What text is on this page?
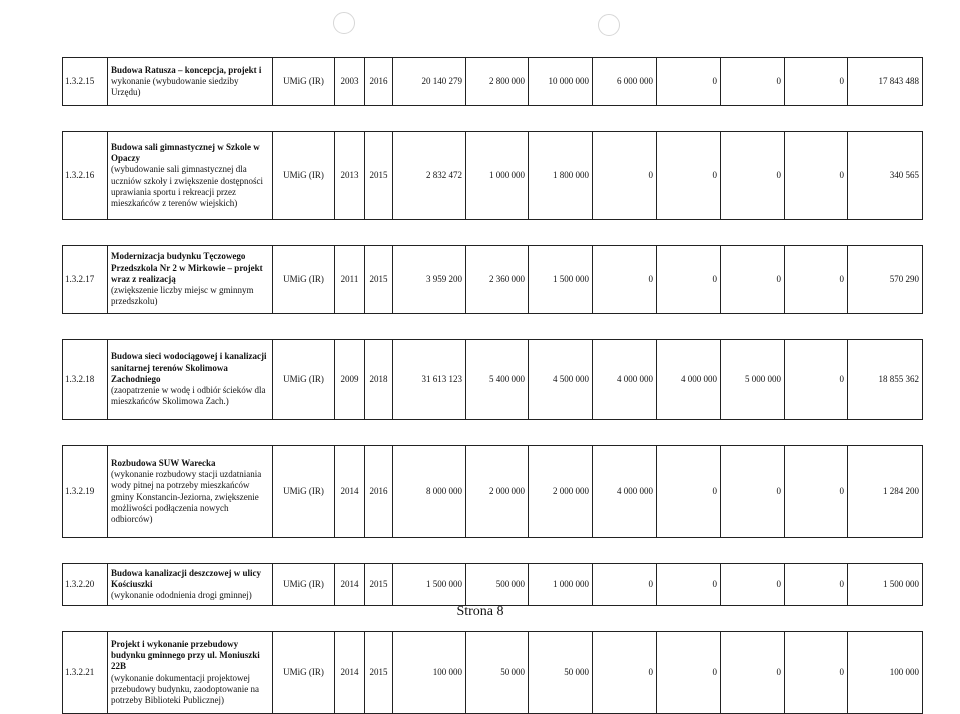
1.3.2.15	Budowa Ratusza – koncepcja, projekt i
wykonanie (wybudowanie siedziby Urzędu)	UMiG (IR)	2003	2016	20 140 279	2 800 000	10 000 000	6 000 000	0	0	0	17 843 488

1.3.2.16	Budowa sali gimnastycznej w Szkole w Opaczy
(wybudowanie sali gimnastycznej dla uczniów szkoły i zwiększenie dostępności uprawiania sportu i rekreacji przez mieszkańców z terenów wiejskich)	UMiG (IR)	2013	2015	2 832 472	1 000 000	1 800 000	0	0	0	0	340 565

1.3.2.17	Modernizacja budynku Tęczowego Przedszkola Nr 2 w Mirkowie – projekt wraz z realizacją
(zwiększenie liczby miejsc w gminnym przedszkolu)	UMiG (IR)	2011	2015	3 959 200	2 360 000	1 500 000	0	0	0	0	570 290

1.3.2.18	Budowa sieci wodociągowej i kanalizacji sanitarnej terenów Skolimowa Zachodniego
(zaopatrzenie w wodę i odbiór ścieków dla mieszkańców Skolimowa Zach.)	UMiG (IR)	2009	2018	31 613 123	5 400 000	4 500 000	4 000 000	4 000 000	5 000 000	0	18 855 362

1.3.2.19	Rozbudowa SUW Warecka
(wykonanie rozbudowy stacji uzdatniania wody pitnej na potrzeby mieszkańców gminy Konstancin-Jeziorna, zwiększenie możliwości podłączenia nowych odbiorców)	UMiG (IR)	2014	2016	8 000 000	2 000 000	2 000 000	4 000 000	0	0	0	1 284 200

1.3.2.20	Budowa kanalizacji deszczowej w ulicy Kościuszki
(wykonanie ododnienia drogi gminnej)	UMiG (IR)	2014	2015	1 500 000	500 000	1 000 000	0	0	0	0	1 500 000

1.3.2.21	Projekt i wykonanie przebudowy budynku gminnego przy ul. Moniuszki 22B
(wykonanie dokumentacji projektowej przebudowy budynku, zaodoptowanie na potrzeby Biblioteki Publicznej)	UMiG (IR)	2014	2015	100 000	50 000	50 000	0	0	0	0	100 000
Strona 8
